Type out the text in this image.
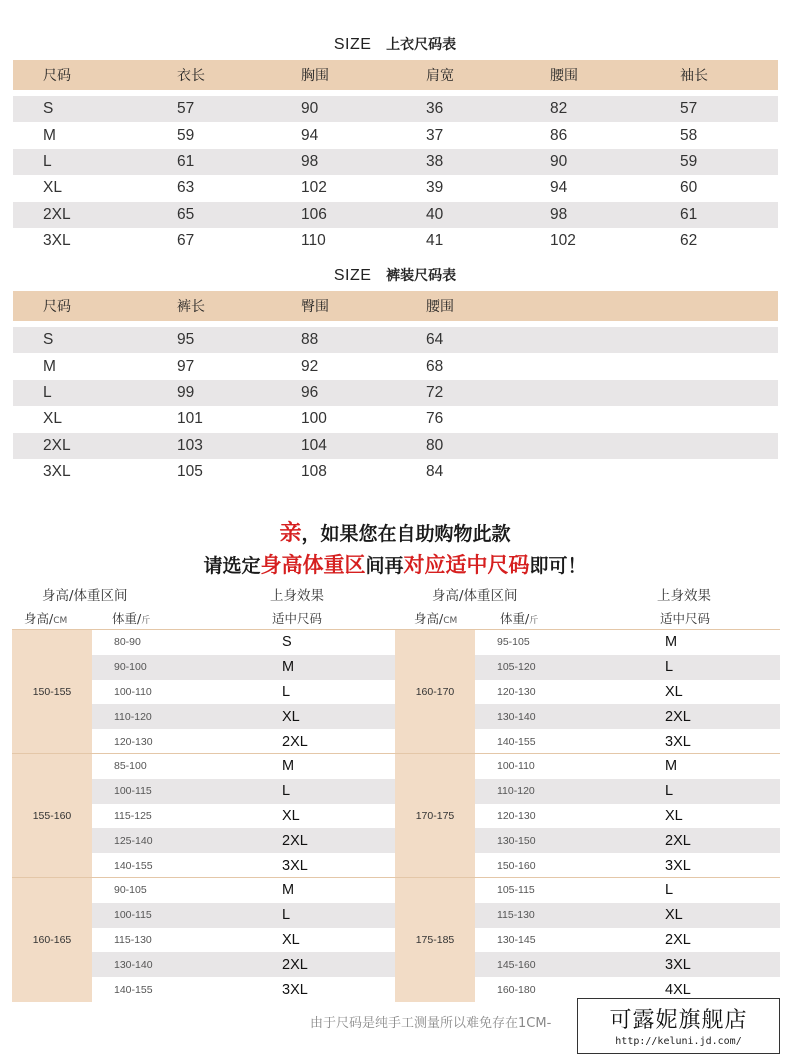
SIZE 上衣尺码表
尺码	衣长	胸围	肩宽	腰围	袖长
S	57	90	36	82	57
M	59	94	37	86	58
L	61	98	38	90	59
XL	63	102	39	94	60
2XL	65	106	40	98	61
3XL	67	110	41	102	62
SIZE 裤装尺码表
尺码	裤长	臀围	腰围
S	95	88	64
M	97	92	68
L	99	96	72
XL	101	100	76
2XL	103	104	80
3XL	105	108	84
亲，如果您在自助购物此款
请选定身高体重区间再对应适中尺码即可！
身高/体重区间	上身效果	身高/体重区间	上身效果
身高/CM	体重/斤	适中尺码	身高/CM	体重/斤	适中尺码
150-155
80-90	S
90-100	M
100-110	L
110-120	XL
120-130	2XL
155-160
85-100	M
100-115	L
115-125	XL
125-140	2XL
140-155	3XL
160-165
90-105	M
100-115	L
115-130	XL
130-140	2XL
140-155	3XL
160-170
95-105	M
105-120	L
120-130	XL
130-140	2XL
140-155	3XL
170-175
100-110	M
110-120	L
120-130	XL
130-150	2XL
150-160	3XL
175-185
105-115	L
115-130	XL
130-145	2XL
145-160	3XL
160-180	4XL
由于尺码是纯手工测量所以难免存在1CM-	可露妮旗舰店
http://keluni.jd.com/
